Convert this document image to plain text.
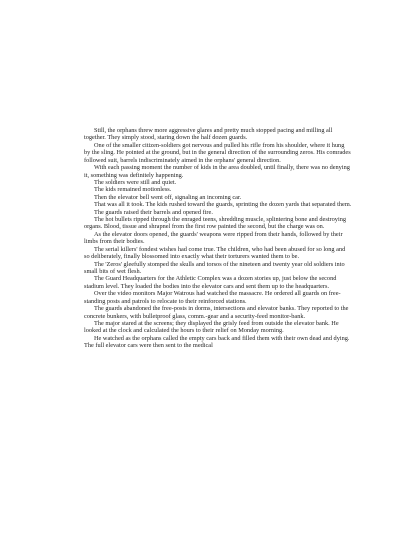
Still, the orphans threw more aggressive glares and pretty much stopped pacing and milling all together. They simply stood, staring down the half dozen guards.

One of the smaller citizen-soldiers got nervous and pulled his rifle from his shoulder, where it hung by the sling. He pointed at the ground, but in the general direction of the surrounding zeros. His comrades followed suit, barrels indiscriminately aimed in the orphans' general direction.

With each passing moment the number of kids in the area doubled, until finally, there was no denying it, something was definitely happening.

The soldiers were still and quiet.

The kids remained motionless.

Then the elevator bell went off, signaling an incoming car.

That was all it took. The kids rushed toward the guards, sprinting the dozen yards that separated them.

The guards raised their barrels and opened fire.

The hot bullets ripped through the enraged teens, shredding muscle, splintering bone and destroying organs. Blood, tissue and shrapnel from the first row painted the second, but the charge was on.

As the elevator doors opened, the guards' weapons were ripped from their hands, followed by their limbs from their bodies.

The serial killers' fondest wishes had come true. The children, who had been abused for so long and so deliberately, finally blossomed into exactly what their torturers wanted them to be.

The 'Zeros' gleefully stomped the skulls and torsos of the nineteen and twenty year old soldiers into small bits of wet flesh.

The Guard Headquarters for the Athletic Complex was a dozen stories up, just below the second stadium level. They loaded the bodies into the elevator cars and sent them up to the headquarters.

Over the video monitors Major Watrous had watched the massacre. He ordered all guards on free-standing posts and patrols to relocate to their reinforced stations.

The guards abandoned the free-posts in dorms, intersections and elevator banks. They reported to the concrete bunkers, with bulletproof glass, comm.-gear and a security-feed monitor-bank.

The major stared at the screens; they displayed the grisly feed from outside the elevator bank. He looked at the clock and calculated the hours to their relief on Monday morning.

He watched as the orphans called the empty cars back and filled them with their own dead and dying. The full elevator cars were then sent to the medical
